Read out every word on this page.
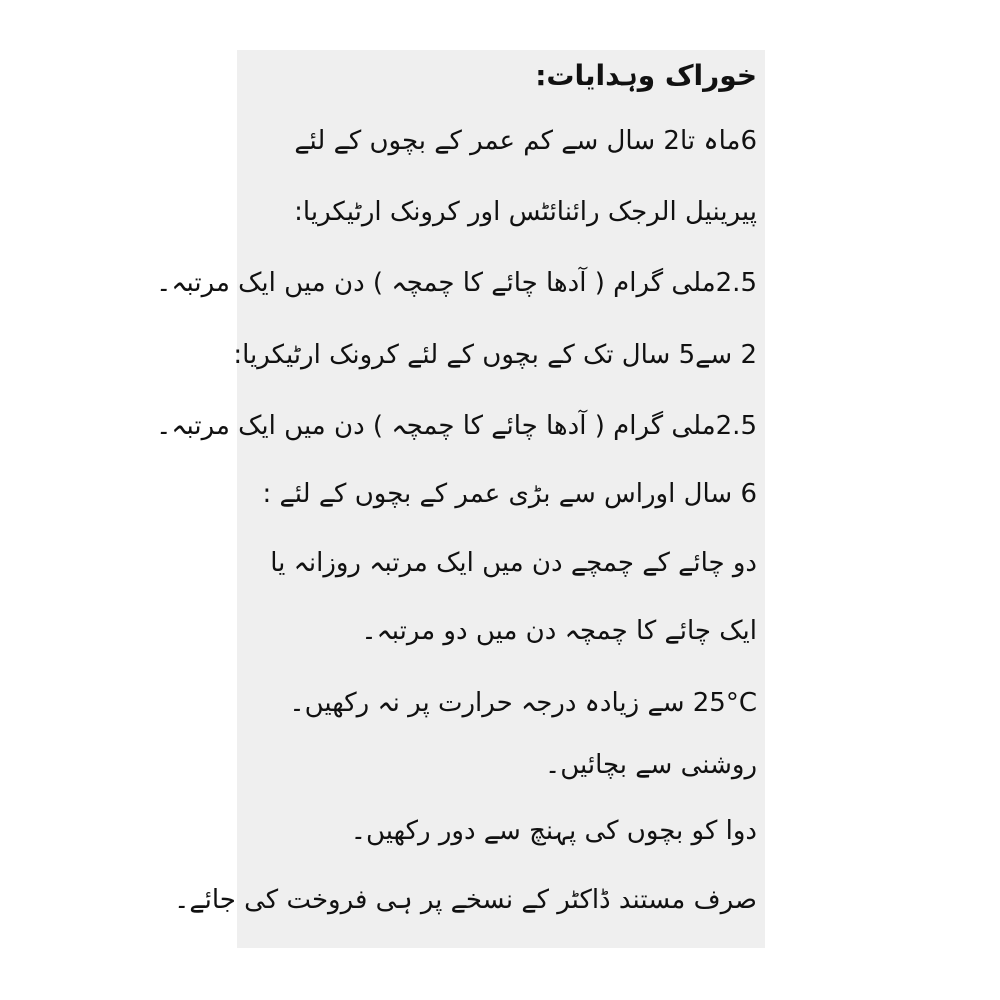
خوراک وہدایات:
6ماہ تا2 سال سے کم عمر کے بچوں کے لئے
پیرینیل الرجک رائنائٹس اور کرونک ارٹیکریا:
2.5ملی گرام ( آدھا چائے کا چمچہ ) دن میں ایک مرتبہ۔
2 سے5 سال تک کے بچوں کے لئے کرونک ارٹیکریا:
2.5ملی گرام ( آدھا چائے کا چمچہ ) دن میں ایک مرتبہ۔
6 سال اوراس سے بڑی عمر کے بچوں کے لئے :
دو چائے کے چمچے دن میں ایک مرتبہ روزانہ یا
ایک چائے کا چمچہ دن میں دو مرتبہ۔
25°C سے زیادہ درجہ حرارت پر نہ رکھیں۔
روشنی سے بچائیں۔
دوا کو بچوں کی پہنچ سے دور رکھیں۔
صرف مستند ڈاکٹر کے نسخے پر ہی فروخت کی جائے۔
